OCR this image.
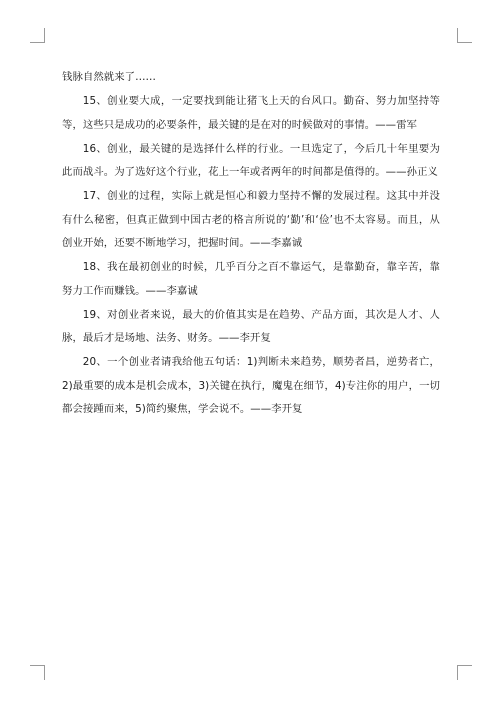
钱脉自然就来了……

15、创业要大成，一定要找到能让猪飞上天的台风口。勤奋、努力加坚持等等，这些只是成功的必要条件，最关键的是在对的时候做对的事情。——雷军

16、创业，最关键的是选择什么样的行业。一旦选定了，今后几十年里要为此而战斗。为了选好这个行业，花上一年或者两年的时间都是值得的。——孙正义

17、创业的过程，实际上就是恒心和毅力坚持不懈的发展过程。这其中并没有什么秘密，但真正做到中国古老的格言所说的‘勤’和‘俭’也不太容易。而且，从创业开始，还要不断地学习，把握时间。——李嘉诚

18、我在最初创业的时候，几乎百分之百不靠运气，是靠勤奋，靠辛苦，靠努力工作而赚钱。——李嘉诚

19、对创业者来说，最大的价值其实是在趋势、产品方面，其次是人才、人脉，最后才是场地、法务、财务。——李开复

20、一个创业者请我给他五句话：1)判断未来趋势，顺势者昌，逆势者亡，2)最重要的成本是机会成本，3)关键在执行，魔鬼在细节，4)专注你的用户，一切都会接踵而来，5)简约聚焦，学会说不。——李开复
